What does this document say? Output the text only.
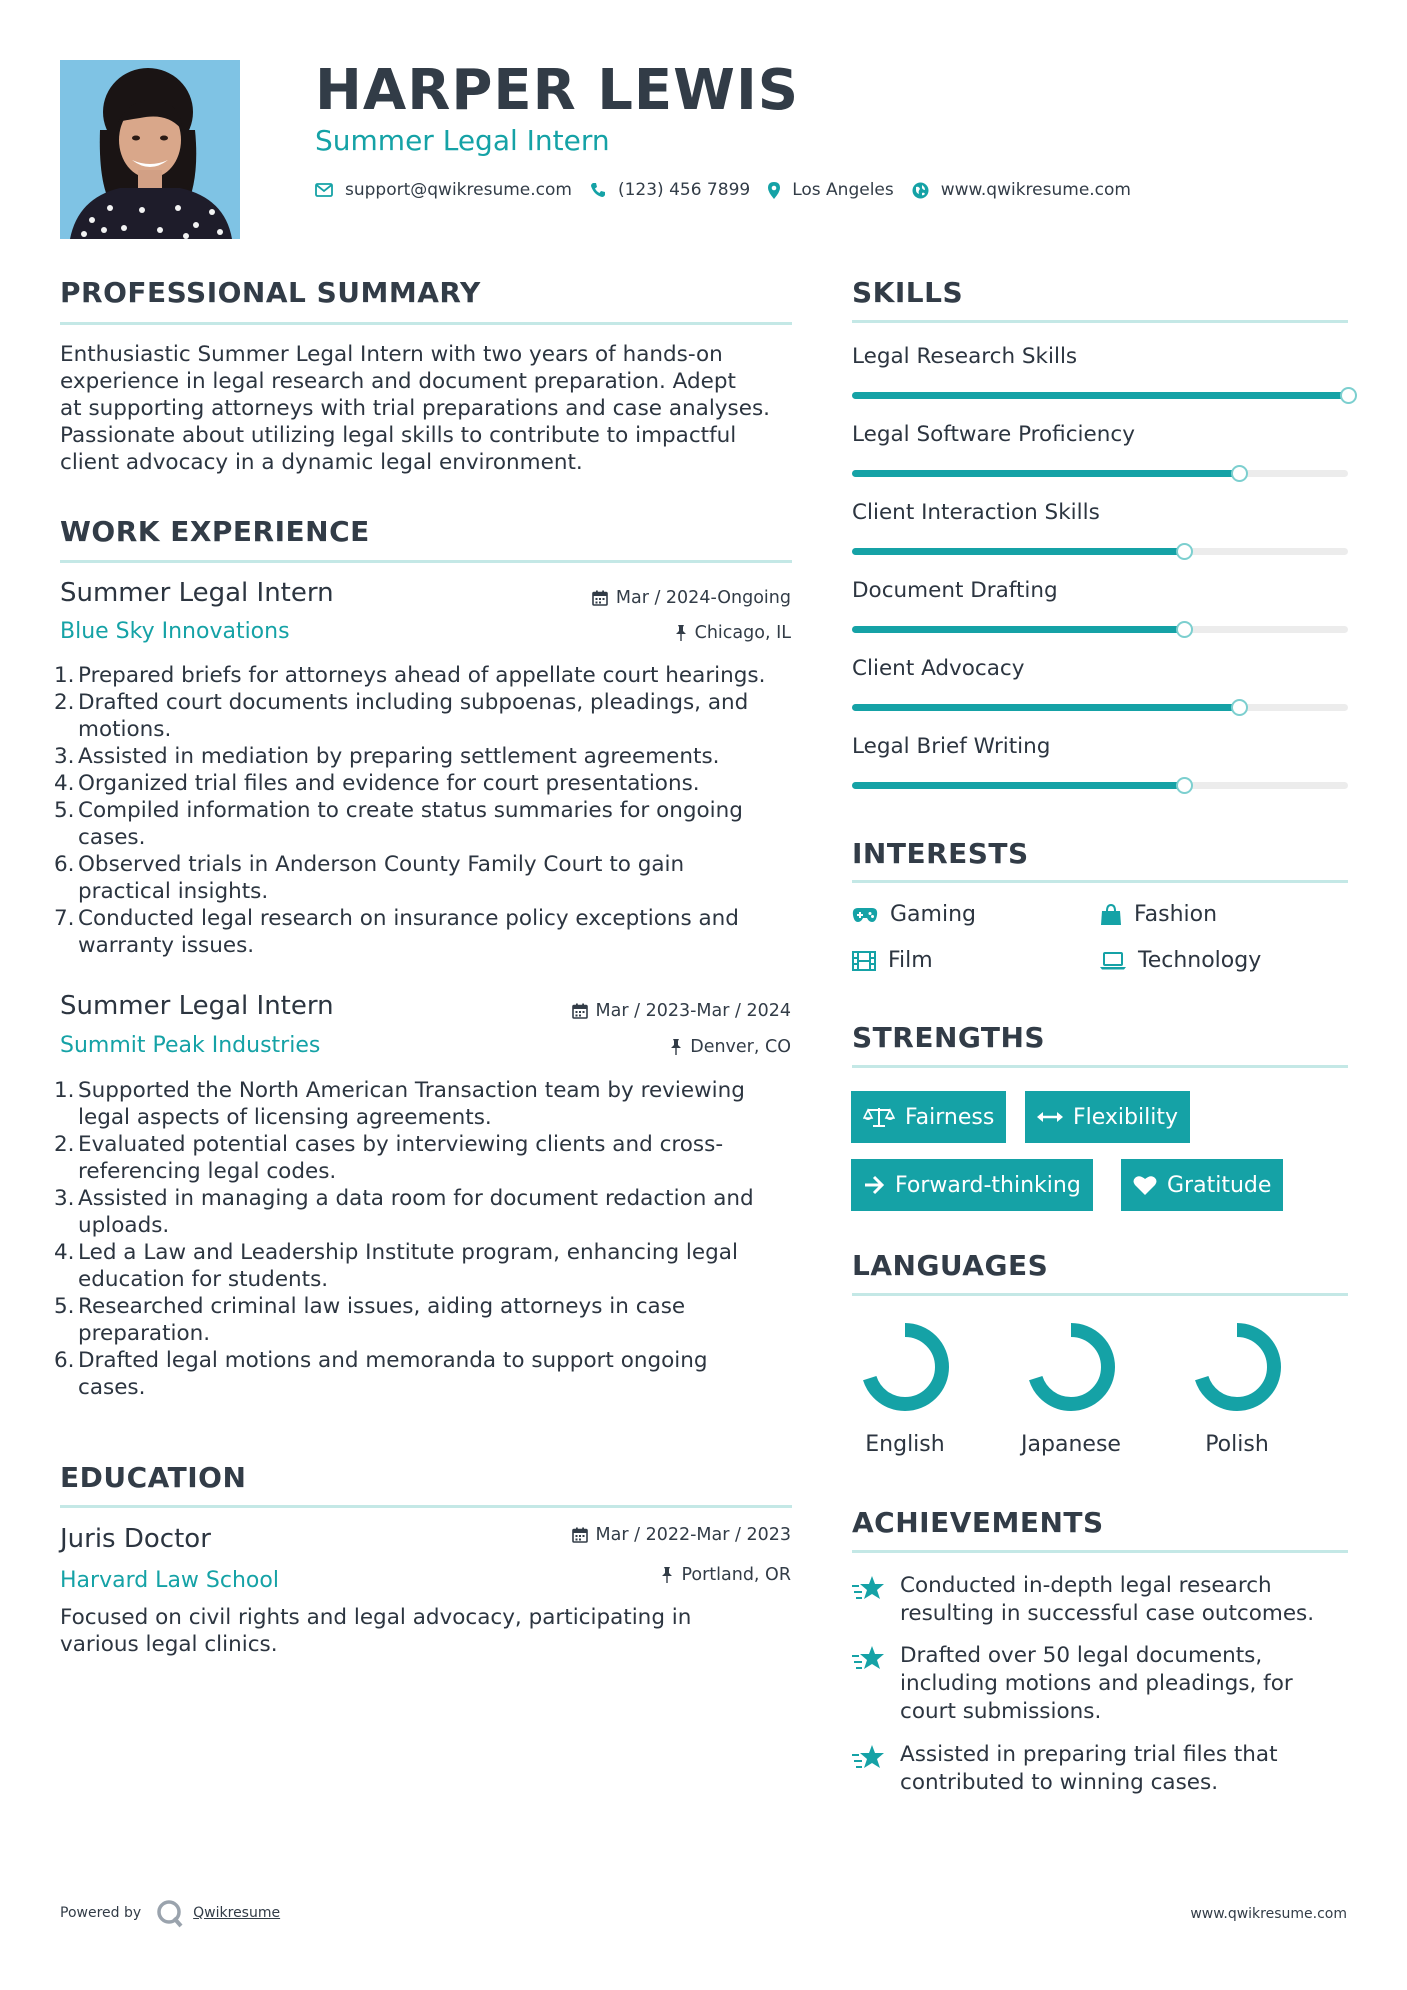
HARPER LEWIS
Summer Legal Intern
support@qwikresume.com	(123) 456 7899 Los Angeles	www.qwikresume.com
PROFESSIONAL SUMMARY
Enthusiastic Summer Legal Intern with two years of hands-on
experience in legal research and document preparation. Adept
at supporting attorneys with trial preparations and case analyses.
Passionate about utilizing legal skills to contribute to impactful
client advocacy in a dynamic legal environment.
WORK EXPERIENCE
Summer Legal Intern	Mar / 2024-Ongoing
Blue Sky Innovations	Chicago, IL
1. Prepared briefs for attorneys ahead of appellate court hearings.
2. Drafted court documents including subpoenas, pleadings, and
motions.
3. Assisted in mediation by preparing settlement agreements.
4. Organized trial files and evidence for court presentations.
5. Compiled information to create status summaries for ongoing
cases.
6. Observed trials in Anderson County Family Court to gain
practical insights.
7. Conducted legal research on insurance policy exceptions and
warranty issues.
Summer Legal Intern	Mar / 2023-Mar / 2024
Summit Peak Industries	Denver, CO
1. Supported the North American Transaction team by reviewing
legal aspects of licensing agreements.
2. Evaluated potential cases by interviewing clients and cross-
referencing legal codes.
3. Assisted in managing a data room for document redaction and
uploads.
4. Led a Law and Leadership Institute program, enhancing legal
education for students.
5. Researched criminal law issues, aiding attorneys in case
preparation.
6. Drafted legal motions and memoranda to support ongoing
cases.
EDUCATION
Juris Doctor	Mar / 2022-Mar / 2023
Harvard Law School	Portland, OR
Focused on civil rights and legal advocacy, participating in
various legal clinics.
SKILLS
Legal Research Skills
Legal Software Proficiency
Client Interaction Skills
Document Drafting
Client Advocacy
Legal Brief Writing
INTERESTS
Gaming	Fashion
Film	Technology
STRENGTHS
Fairness	Flexibility
Forward-thinking	Gratitude
LANGUAGES
English	Japanese	Polish
ACHIEVEMENTS
Conducted in-depth legal research
resulting in successful case outcomes.
Drafted over 50 legal documents,
including motions and pleadings, for
court submissions.
Assisted in preparing trial files that
contributed to winning cases.
Powered by	Qwikresume	www.qwikresume.com
